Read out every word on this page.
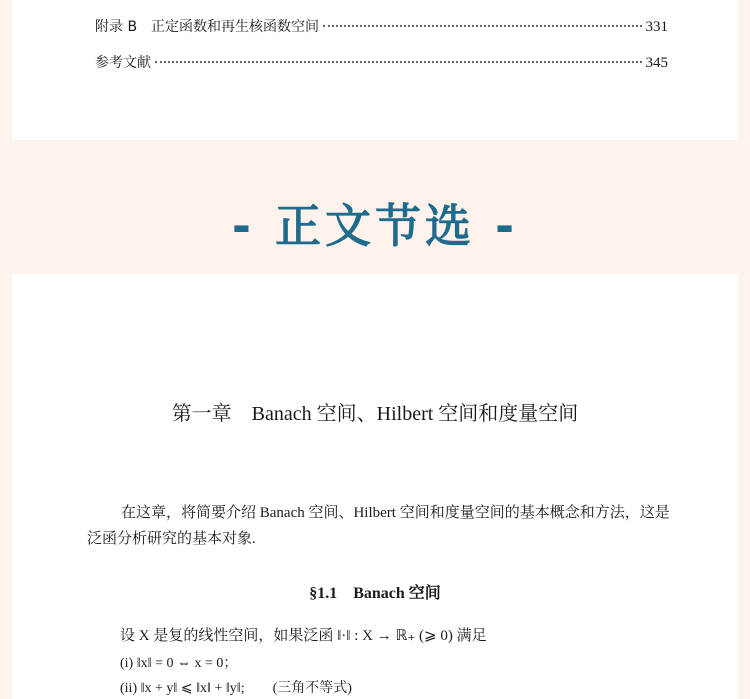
附录 B　正定函数和再生核函数空间	331
参考文献	345
- 正文节选 -
第一章　Banach 空间、Hilbert 空间和度量空间
在这章，将简要介绍 Banach 空间、Hilbert 空间和度量空间的基本概念和方法，这是泛函分析研究的基本对象.
§1.1　Banach 空间
设 X 是复的线性空间，如果泛函 ‖·‖ : X → ℝ₊ (⩾ 0) 满足
(i) ‖x‖ = 0 ⇔ x = 0；
(ii) ‖x + y‖ ⩽ ‖x‖ + ‖y‖;　　(三角不等式)
